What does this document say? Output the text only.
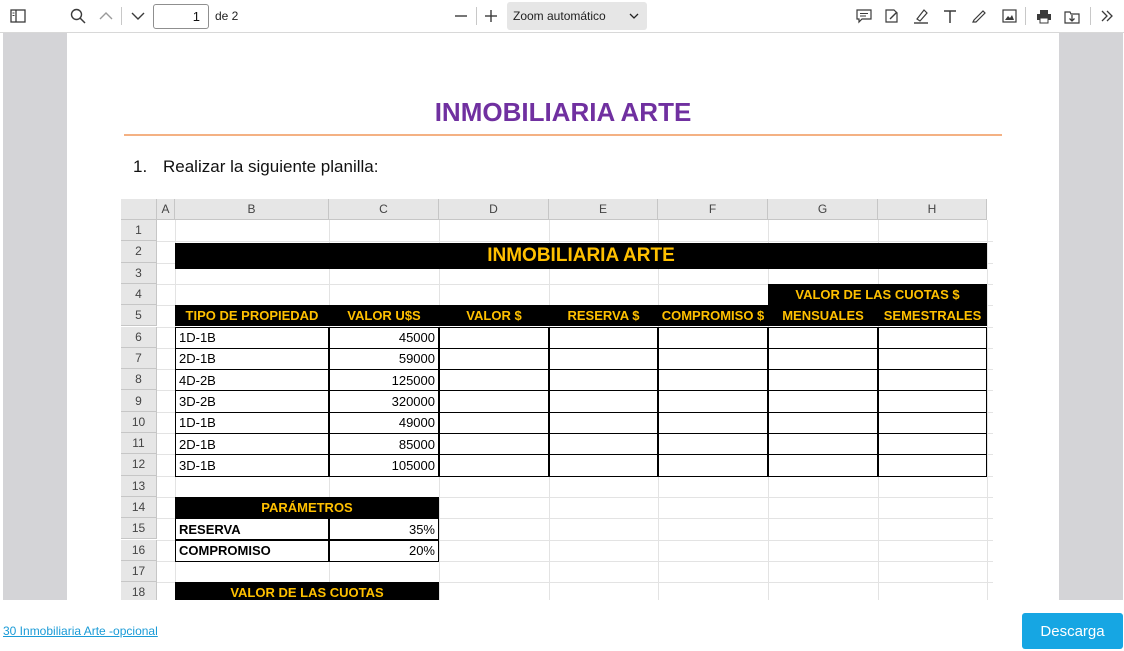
1	de 2	Zoom automático
INMOBILIARIA ARTE
1. Realizar la siguiente planilla:
A	B	C	D	E	F	G	H
1
2
3
4
5
6
7
8
9
10
11
12
13
14
15
16
17
18
INMOBILIARIA ARTE
VALOR DE LAS CUOTAS $
TIPO DE PROPIEDAD	VALOR U$S	VALOR $	RESERVA $	COMPROMISO $	MENSUALES	SEMESTRALES
1D-1B	45000
2D-1B	59000
4D-2B	125000
3D-2B	320000
1D-1B	49000
2D-1B	85000
3D-1B	105000
PARÁMETROS
RESERVA	35%
COMPROMISO	20%
VALOR DE LAS CUOTAS
30 Inmobiliaria Arte -opcional	Descarga
